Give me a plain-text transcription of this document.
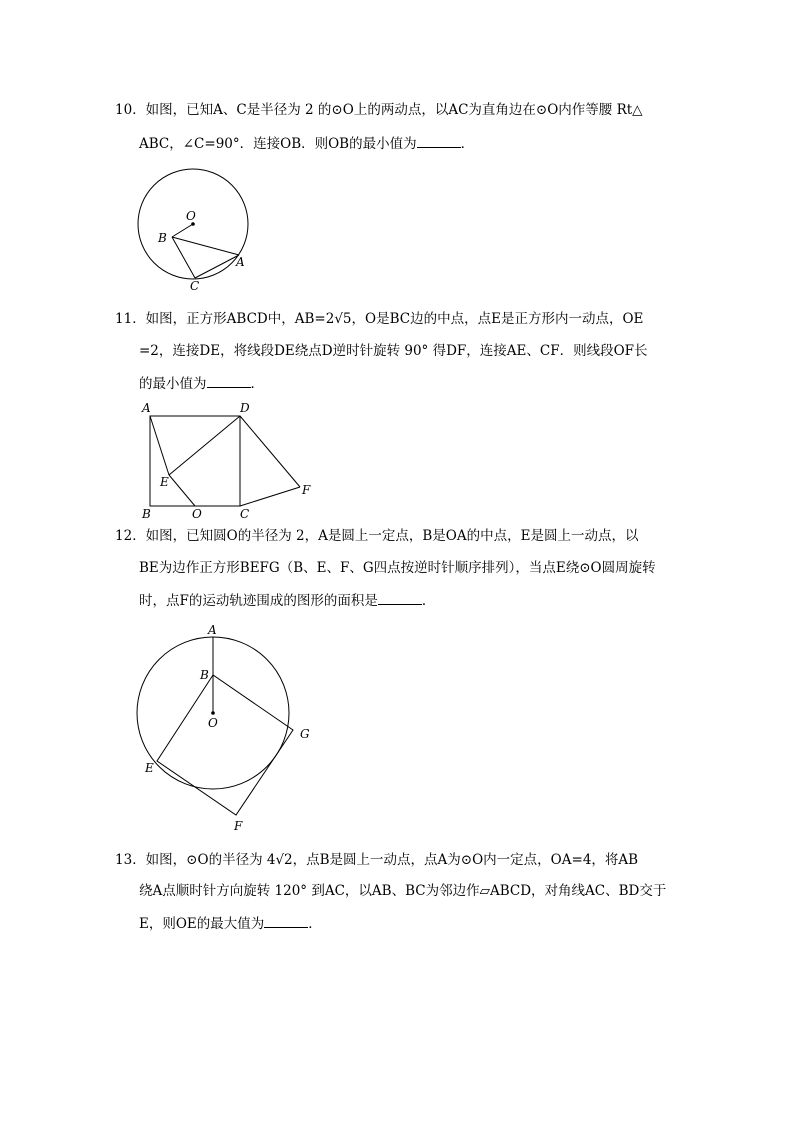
10．如图，已知A、C是半径为 2 的⊙O上的两动点，以AC为直角边在⊙O内作等腰 Rt△
ABC，∠C=90°．连接OB．则OB的最小值为	．
O
B
A
C
11．如图，正方形ABCD中，AB=2√5，O是BC边的中点，点E是正方形内一动点，OE
=2，连接DE，将线段DE绕点D逆时针旋转 90° 得DF，连接AE、CF．则线段OF长
的最小值为	．
A	D
E
F
B	O	C
12．如图，已知圆O的半径为 2，A是圆上一定点，B是OA的中点，E是圆上一动点，以
BE为边作正方形BEFG（B、E、F、G四点按逆时针顺序排列），当点E绕⊙O圆周旋转
时，点F的运动轨迹围成的图形的面积是	．
A
B
O
G
E
F
13．如图，⊙O的半径为 4√2，点B是圆上一动点，点A为⊙O内一定点，OA=4，将AB
绕A点顺时针方向旋转 120° 到AC，以AB、BC为邻边作▱ABCD，对角线AC、BD交于
E，则OE的最大值为	．
